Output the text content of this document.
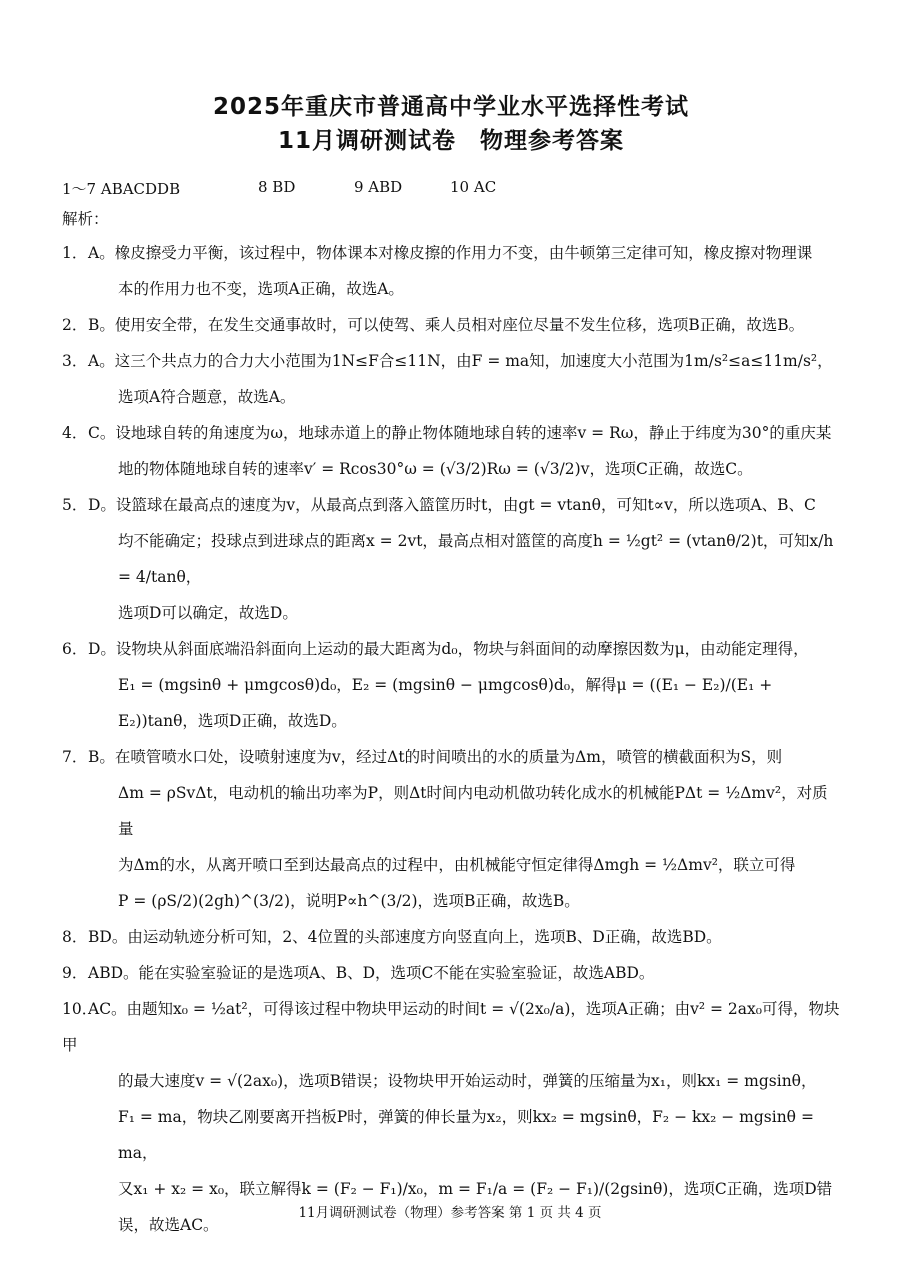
2025年重庆市普通高中学业水平选择性考试
11月调研测试卷　物理参考答案
1～7 ABACDDB	8 BD	9 ABD	10 AC
解析：
1．A。橡皮擦受力平衡，该过程中，物体课本对橡皮擦的作用力不变，由牛顿第三定律可知，橡皮擦对物理课
本的作用力也不变，选项A正确，故选A。
2．B。使用安全带，在发生交通事故时，可以使驾、乘人员相对座位尽量不发生位移，选项B正确，故选B。
3．A。这三个共点力的合力大小范围为1N≤F合≤11N，由F = ma知，加速度大小范围为1m/s²≤a≤11m/s²，
选项A符合题意，故选A。
4．C。设地球自转的角速度为ω，地球赤道上的静止物体随地球自转的速率v = Rω，静止于纬度为30°的重庆某
地的物体随地球自转的速率v′ = Rcos30°ω = (√3/2)Rω = (√3/2)v，选项C正确，故选C。
5．D。设篮球在最高点的速度为v，从最高点到落入篮筐历时t，由gt = vtanθ，可知t∝v，所以选项A、B、C
均不能确定；投球点到进球点的距离x = 2vt，最高点相对篮筐的高度h = ½gt² = (vtanθ/2)t，可知x/h = 4/tanθ，
选项D可以确定，故选D。
6．D。设物块从斜面底端沿斜面向上运动的最大距离为d₀，物块与斜面间的动摩擦因数为μ，由动能定理得，
E₁ = (mgsinθ + μmgcosθ)d₀，E₂ = (mgsinθ − μmgcosθ)d₀，解得μ = ((E₁ − E₂)/(E₁ + E₂))tanθ，选项D正确，故选D。
7．B。在喷管喷水口处，设喷射速度为v，经过Δt的时间喷出的水的质量为Δm，喷管的横截面积为S，则
Δm = ρSvΔt，电动机的输出功率为P，则Δt时间内电动机做功转化成水的机械能PΔt = ½Δmv²，对质量
为Δm的水，从离开喷口至到达最高点的过程中，由机械能守恒定律得Δmgh = ½Δmv²，联立可得
P = (ρS/2)(2gh)^(3/2)，说明P∝h^(3/2)，选项B正确，故选B。
8．BD。由运动轨迹分析可知，2、4位置的头部速度方向竖直向上，选项B、D正确，故选BD。
9．ABD。能在实验室验证的是选项A、B、D，选项C不能在实验室验证，故选ABD。
10．AC。由题知x₀ = ½at²，可得该过程中物块甲运动的时间t = √(2x₀/a)，选项A正确；由v² = 2ax₀可得，物块甲
的最大速度v = √(2ax₀)，选项B错误；设物块甲开始运动时，弹簧的压缩量为x₁，则kx₁ = mgsinθ，
F₁ = ma，物块乙刚要离开挡板P时，弹簧的伸长量为x₂，则kx₂ = mgsinθ，F₂ − kx₂ − mgsinθ = ma，
又x₁ + x₂ = x₀，联立解得k = (F₂ − F₁)/x₀，m = F₁/a = (F₂ − F₁)/(2gsinθ)，选项C正确，选项D错误，故选AC。
11月调研测试卷（物理）参考答案 第 1 页 共 4 页
